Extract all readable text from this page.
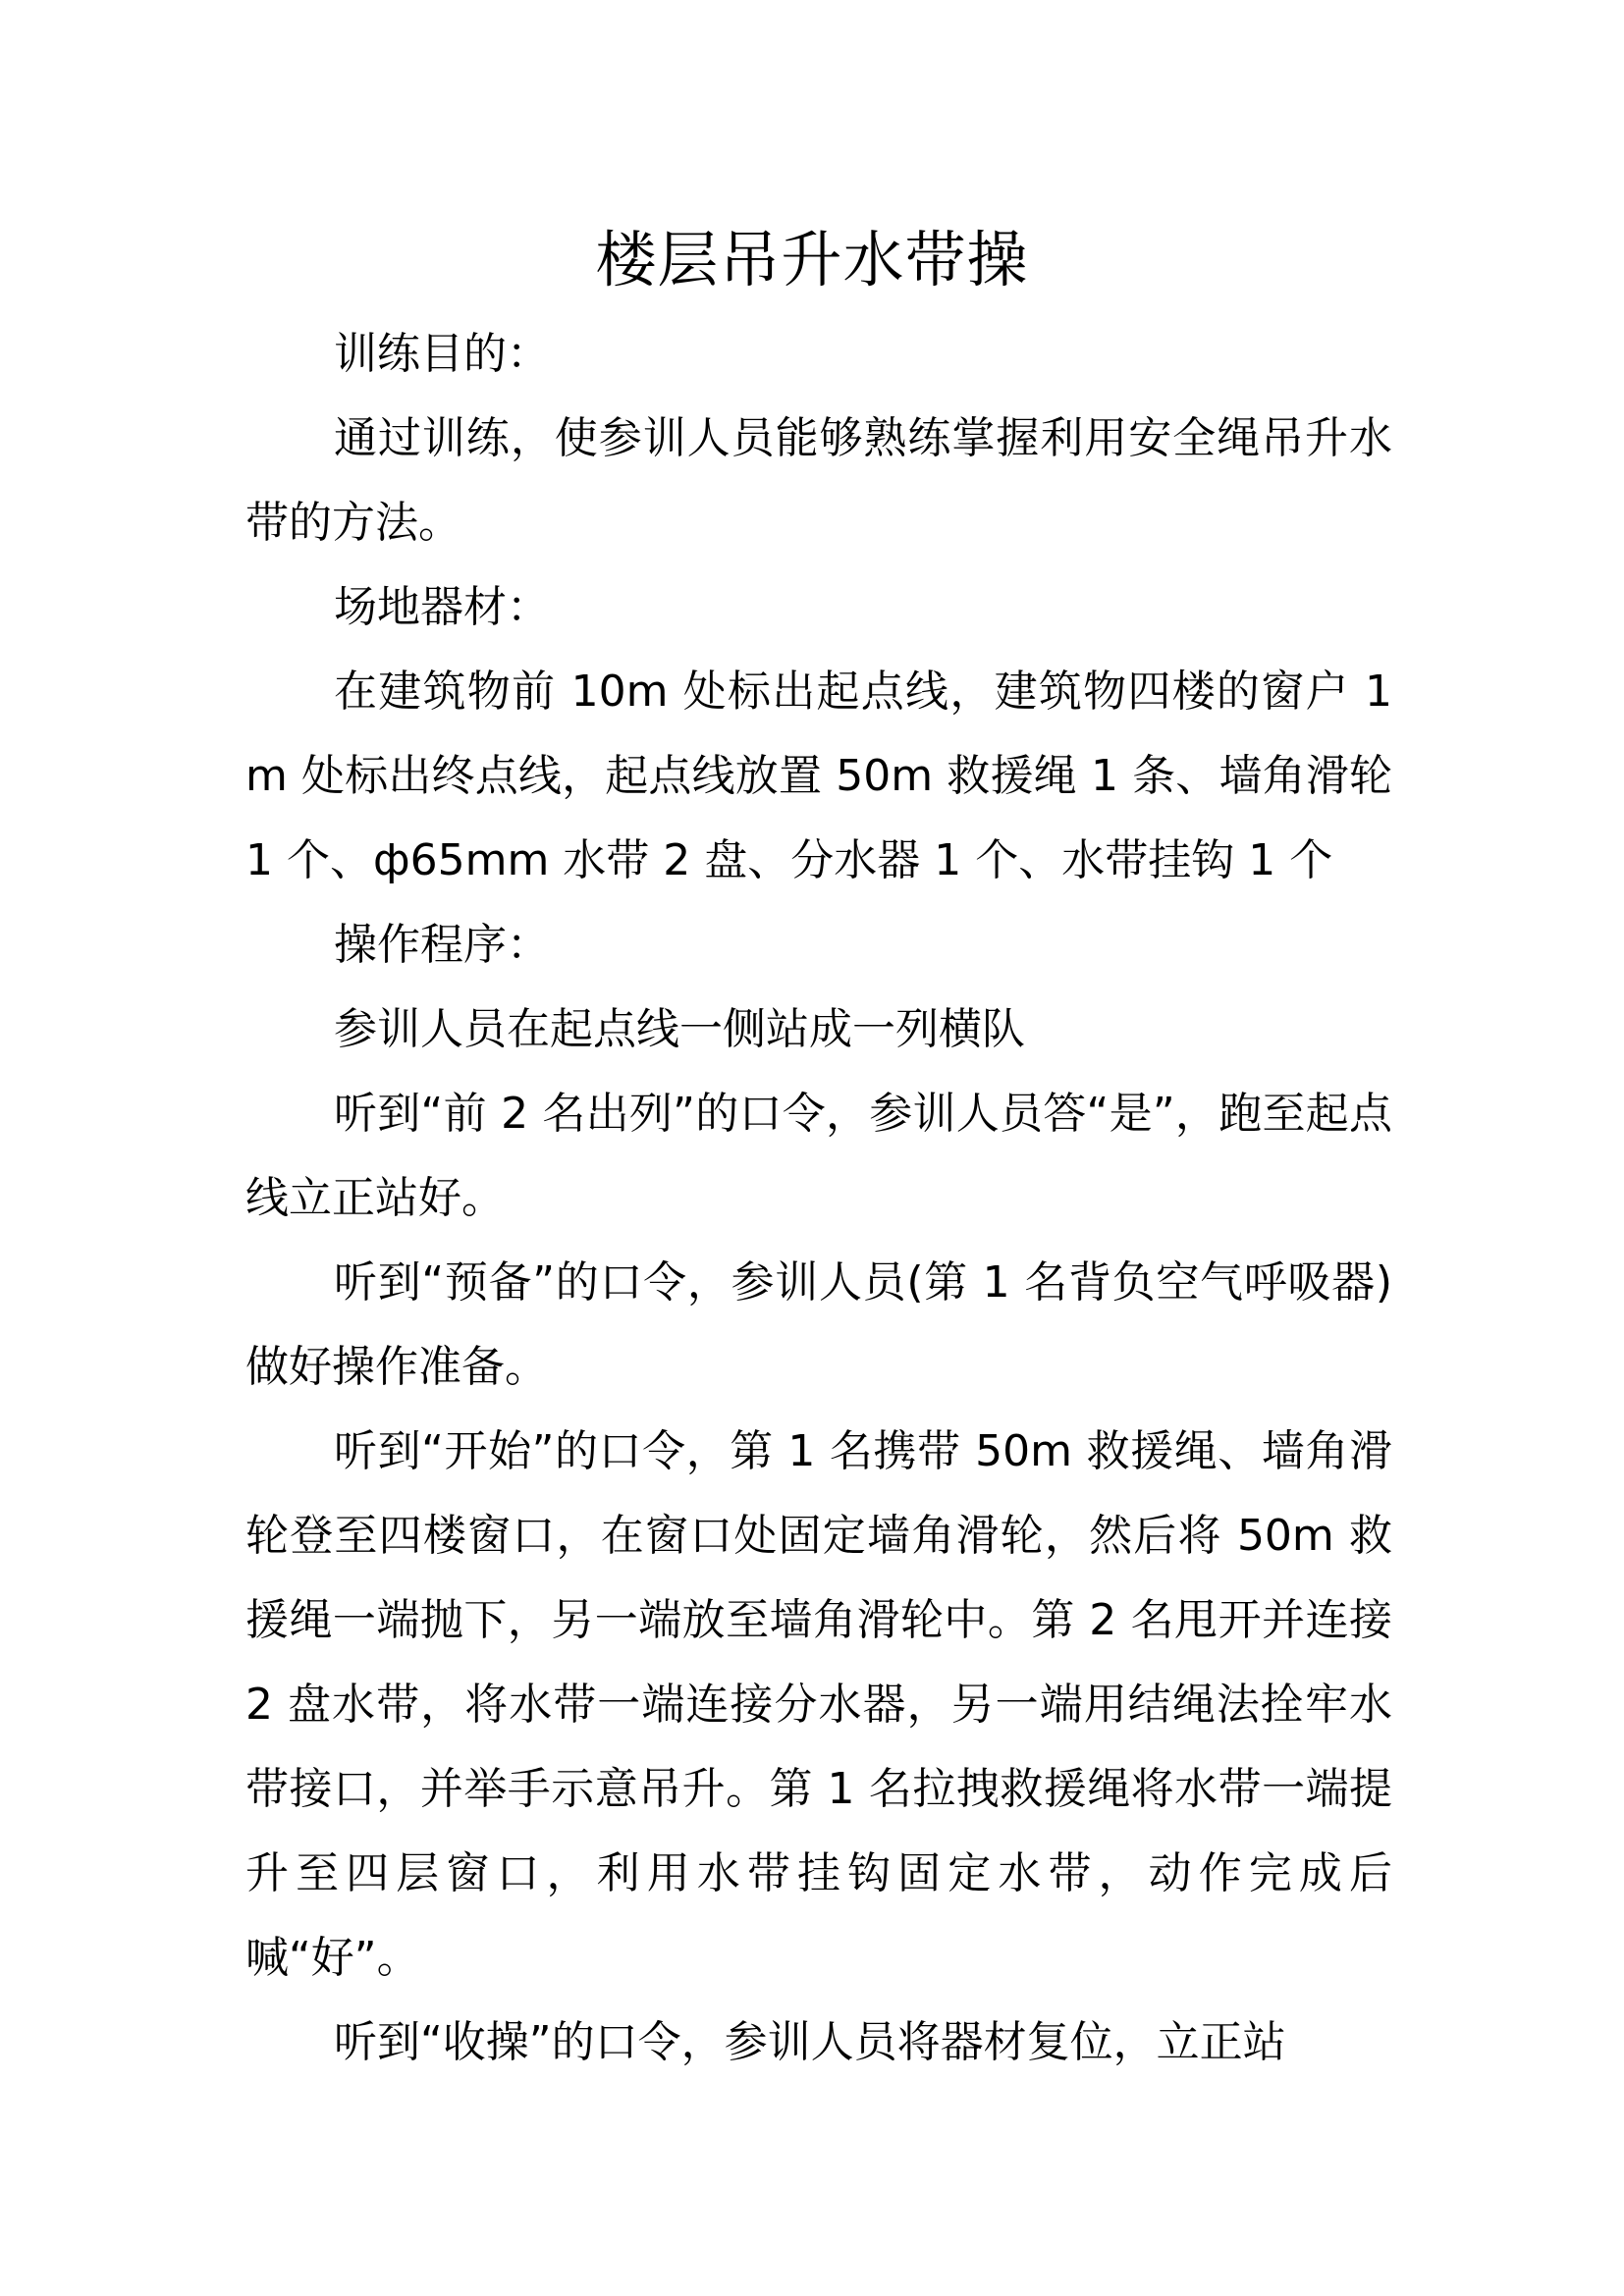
楼层吊升水带操

训练目的：

通过训练，使参训人员能够熟练掌握利用安全绳吊升水带的方法。

场地器材：

在建筑物前 10m 处标出起点线，建筑物四楼的窗户 1m 处标出终点线，起点线放置 50m 救援绳 1 条、墙角滑轮 1 个、ф65mm 水带 2 盘、分水器 1 个、水带挂钩 1 个

操作程序：

参训人员在起点线一侧站成一列横队

听到“前 2 名出列”的口令，参训人员答“是”，跑至起点线立正站好。

听到“预备”的口令，参训人员(第 1 名背负空气呼吸器)做好操作准备。

听到“开始”的口令，第 1 名携带 50m 救援绳、墙角滑轮登至四楼窗口，在窗口处固定墙角滑轮，然后将 50m 救援绳一端抛下，另一端放至墙角滑轮中。第 2 名甩开并连接 2 盘水带，将水带一端连接分水器，另一端用结绳法拴牢水带接口，并举手示意吊升。第 1 名拉拽救援绳将水带一端提升至四层窗口，利用水带挂钩固定水带，动作完成后喊“好”。

听到“收操”的口令，参训人员将器材复位，立正站
